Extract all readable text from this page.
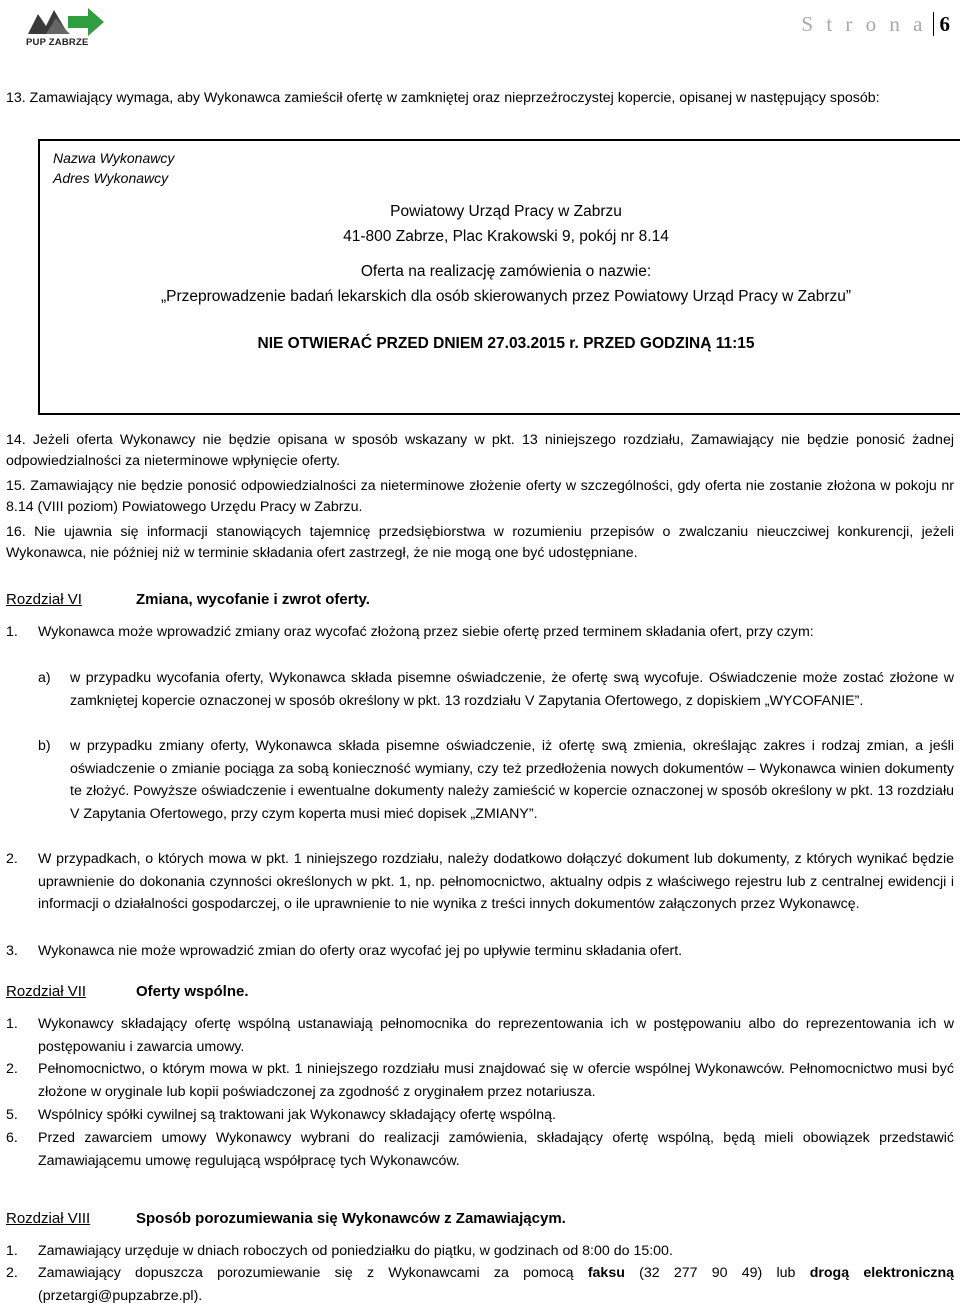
PUP ZABRZE
S t r o n a 6
13. Zamawiający wymaga, aby Wykonawca zamieścił ofertę w zamkniętej oraz nieprzeźroczystej kopercie, opisanej w następujący sposób:
Nazwa Wykonawcy
Adres Wykonawcy
Powiatowy Urząd Pracy w Zabrzu
41-800 Zabrze, Plac Krakowski 9, pokój nr 8.14
Oferta na realizację zamówienia o nazwie:
„Przeprowadzenie badań lekarskich dla osób skierowanych przez Powiatowy Urząd Pracy w Zabrzu”
NIE OTWIERAĆ PRZED DNIEM 27.03.2015 r. PRZED GODZINĄ 11:15
14. Jeżeli oferta Wykonawcy nie będzie opisana w sposób wskazany w pkt. 13 niniejszego rozdziału, Zamawiający nie będzie ponosić żadnej odpowiedzialności za nieterminowe wpłynięcie oferty.
15. Zamawiający nie będzie ponosić odpowiedzialności za nieterminowe złożenie oferty w szczególności, gdy oferta nie zostanie złożona w pokoju nr 8.14 (VIII poziom) Powiatowego Urzędu Pracy w Zabrzu.
16. Nie ujawnia się informacji stanowiących tajemnicę przedsiębiorstwa w rozumieniu przepisów o zwalczaniu nieuczciwej konkurencji, jeżeli Wykonawca, nie później niż w terminie składania ofert zastrzegł, że nie mogą one być udostępniane.
Rozdział VI	Zmiana, wycofanie i zwrot oferty.
1. Wykonawca może wprowadzić zmiany oraz wycofać złożoną przez siebie ofertę przed terminem składania ofert, przy czym:
a) w przypadku wycofania oferty, Wykonawca składa pisemne oświadczenie, że ofertę swą wycofuje. Oświadczenie może zostać złożone w zamkniętej kopercie oznaczonej w sposób określony w pkt. 13 rozdziału V Zapytania Ofertowego, z dopiskiem „WYCOFANIE”.
b) w przypadku zmiany oferty, Wykonawca składa pisemne oświadczenie, iż ofertę swą zmienia, określając zakres i rodzaj zmian, a jeśli oświadczenie o zmianie pociąga za sobą konieczność wymiany, czy też przedłożenia nowych dokumentów – Wykonawca winien dokumenty te złożyć. Powyższe oświadczenie i ewentualne dokumenty należy zamieścić w kopercie oznaczonej w sposób określony w pkt. 13 rozdziału V Zapytania Ofertowego, przy czym koperta musi mieć dopisek „ZMIANY”.
2. W przypadkach, o których mowa w pkt. 1 niniejszego rozdziału, należy dodatkowo dołączyć dokument lub dokumenty, z których wynikać będzie uprawnienie do dokonania czynności określonych w pkt. 1, np. pełnomocnictwo, aktualny odpis z właściwego rejestru lub z centralnej ewidencji i informacji o działalności gospodarczej, o ile uprawnienie to nie wynika z treści innych dokumentów załączonych przez Wykonawcę.
3. Wykonawca nie może wprowadzić zmian do oferty oraz wycofać jej po upływie terminu składania ofert.
Rozdział VII	Oferty wspólne.
1. Wykonawcy składający ofertę wspólną ustanawiają pełnomocnika do reprezentowania ich w postępowaniu albo do reprezentowania ich w postępowaniu i zawarcia umowy.
2. Pełnomocnictwo, o którym mowa w pkt. 1 niniejszego rozdziału musi znajdować się w ofercie wspólnej Wykonawców. Pełnomocnictwo musi być złożone w oryginale lub kopii poświadczonej za zgodność z oryginałem przez notariusza.
5. Wspólnicy spółki cywilnej są traktowani jak Wykonawcy składający ofertę wspólną.
6. Przed zawarciem umowy Wykonawcy wybrani do realizacji zamówienia, składający ofertę wspólną, będą mieli obowiązek przedstawić Zamawiającemu umowę regulującą współpracę tych Wykonawców.
Rozdział VIII	Sposób porozumiewania się Wykonawców z Zamawiającym.
1. Zamawiający urzęduje w dniach roboczych od poniedziałku do piątku, w godzinach od 8:00 do 15:00.
2. Zamawiający dopuszcza porozumiewanie się z Wykonawcami za pomocą faksu (32 277 90 49) lub drogą elektroniczną (przetargi@pupzabrze.pl).
